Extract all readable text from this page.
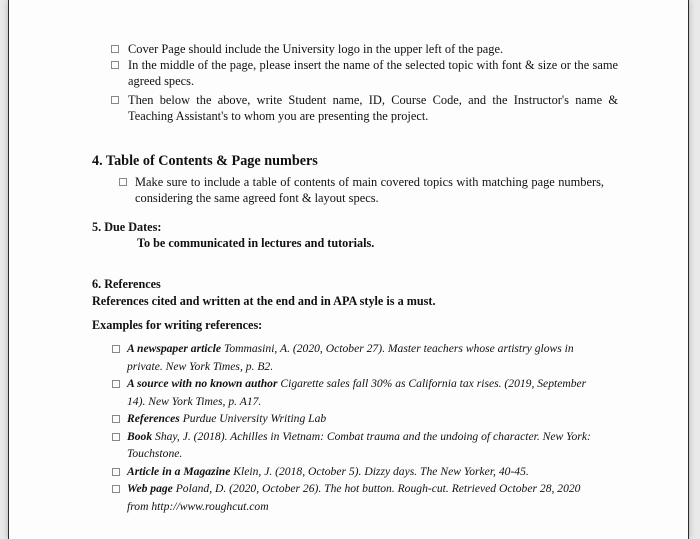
Cover Page should include the University logo in the upper left of the page.
In the middle of the page, please insert the name of the selected topic with font & size or the same agreed specs.
Then below the above, write Student name, ID, Course Code, and the Instructor's name & Teaching Assistant's to whom you are presenting the project.
4. Table of Contents & Page numbers
Make sure to include a table of contents of main covered topics with matching page numbers, considering the same agreed font & layout specs.
5. Due Dates:
To be communicated in lectures and tutorials.
6. References
References cited and written at the end and in APA style is a must.
Examples for writing references:
A newspaper article Tommasini, A. (2020, October 27). Master teachers whose artistry glows in private. New York Times, p. B2.
A source with no known author Cigarette sales fall 30% as California tax rises. (2019, September 14). New York Times, p. A17.
References Purdue University Writing Lab
Book Shay, J. (2018). Achilles in Vietnam: Combat trauma and the undoing of character. New York: Touchstone.
Article in a Magazine Klein, J. (2018, October 5). Dizzy days. The New Yorker, 40-45.
Web page Poland, D. (2020, October 26). The hot button. Rough-cut. Retrieved October 28, 2020 from http://www.roughcut.com
